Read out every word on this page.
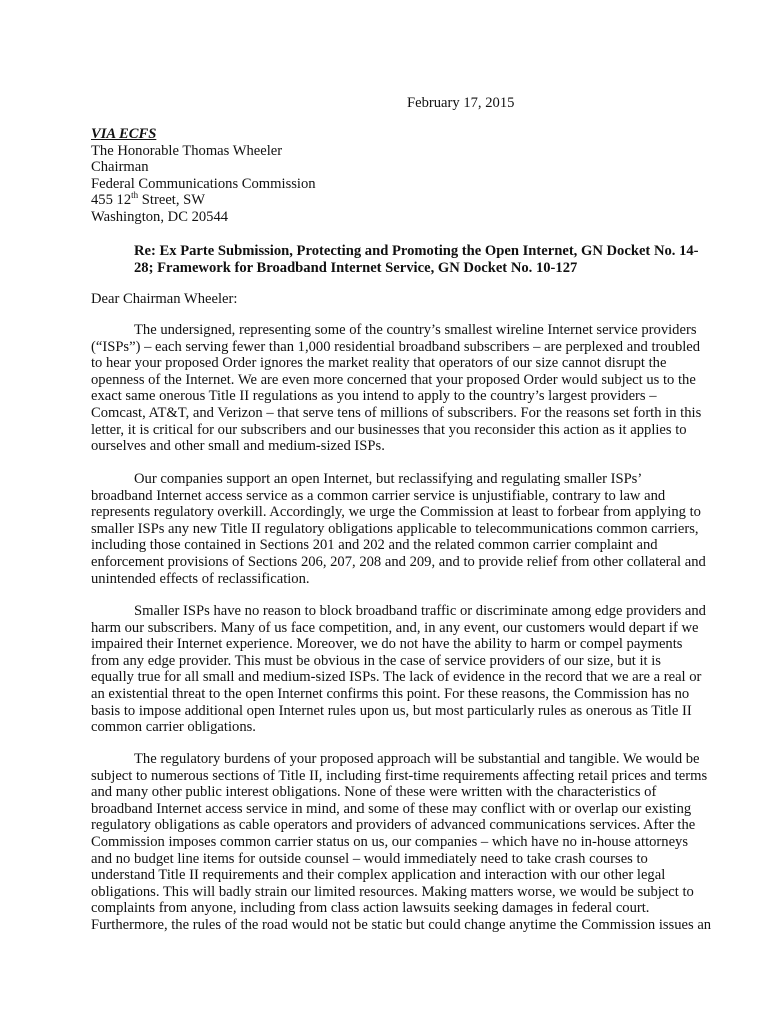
February 17, 2015
VIA ECFS
The Honorable Thomas Wheeler
Chairman
Federal Communications Commission
455 12th Street, SW
Washington, DC 20544
Re: Ex Parte Submission, Protecting and Promoting the Open Internet, GN Docket No. 14-
28; Framework for Broadband Internet Service, GN Docket No. 10-127
Dear Chairman Wheeler:
The undersigned, representing some of the country’s smallest wireline Internet service providers
(“ISPs”) – each serving fewer than 1,000 residential broadband subscribers – are perplexed and troubled
to hear your proposed Order ignores the market reality that operators of our size cannot disrupt the
openness of the Internet. We are even more concerned that your proposed Order would subject us to the
exact same onerous Title II regulations as you intend to apply to the country’s largest providers –
Comcast, AT&T, and Verizon – that serve tens of millions of subscribers. For the reasons set forth in this
letter, it is critical for our subscribers and our businesses that you reconsider this action as it applies to
ourselves and other small and medium-sized ISPs.
Our companies support an open Internet, but reclassifying and regulating smaller ISPs’
broadband Internet access service as a common carrier service is unjustifiable, contrary to law and
represents regulatory overkill. Accordingly, we urge the Commission at least to forbear from applying to
smaller ISPs any new Title II regulatory obligations applicable to telecommunications common carriers,
including those contained in Sections 201 and 202 and the related common carrier complaint and
enforcement provisions of Sections 206, 207, 208 and 209, and to provide relief from other collateral and
unintended effects of reclassification.
Smaller ISPs have no reason to block broadband traffic or discriminate among edge providers and
harm our subscribers. Many of us face competition, and, in any event, our customers would depart if we
impaired their Internet experience. Moreover, we do not have the ability to harm or compel payments
from any edge provider. This must be obvious in the case of service providers of our size, but it is
equally true for all small and medium-sized ISPs. The lack of evidence in the record that we are a real or
an existential threat to the open Internet confirms this point. For these reasons, the Commission has no
basis to impose additional open Internet rules upon us, but most particularly rules as onerous as Title II
common carrier obligations.
The regulatory burdens of your proposed approach will be substantial and tangible. We would be
subject to numerous sections of Title II, including first-time requirements affecting retail prices and terms
and many other public interest obligations. None of these were written with the characteristics of
broadband Internet access service in mind, and some of these may conflict with or overlap our existing
regulatory obligations as cable operators and providers of advanced communications services. After the
Commission imposes common carrier status on us, our companies – which have no in-house attorneys
and no budget line items for outside counsel – would immediately need to take crash courses to
understand Title II requirements and their complex application and interaction with our other legal
obligations. This will badly strain our limited resources. Making matters worse, we would be subject to
complaints from anyone, including from class action lawsuits seeking damages in federal court.
Furthermore, the rules of the road would not be static but could change anytime the Commission issues an
